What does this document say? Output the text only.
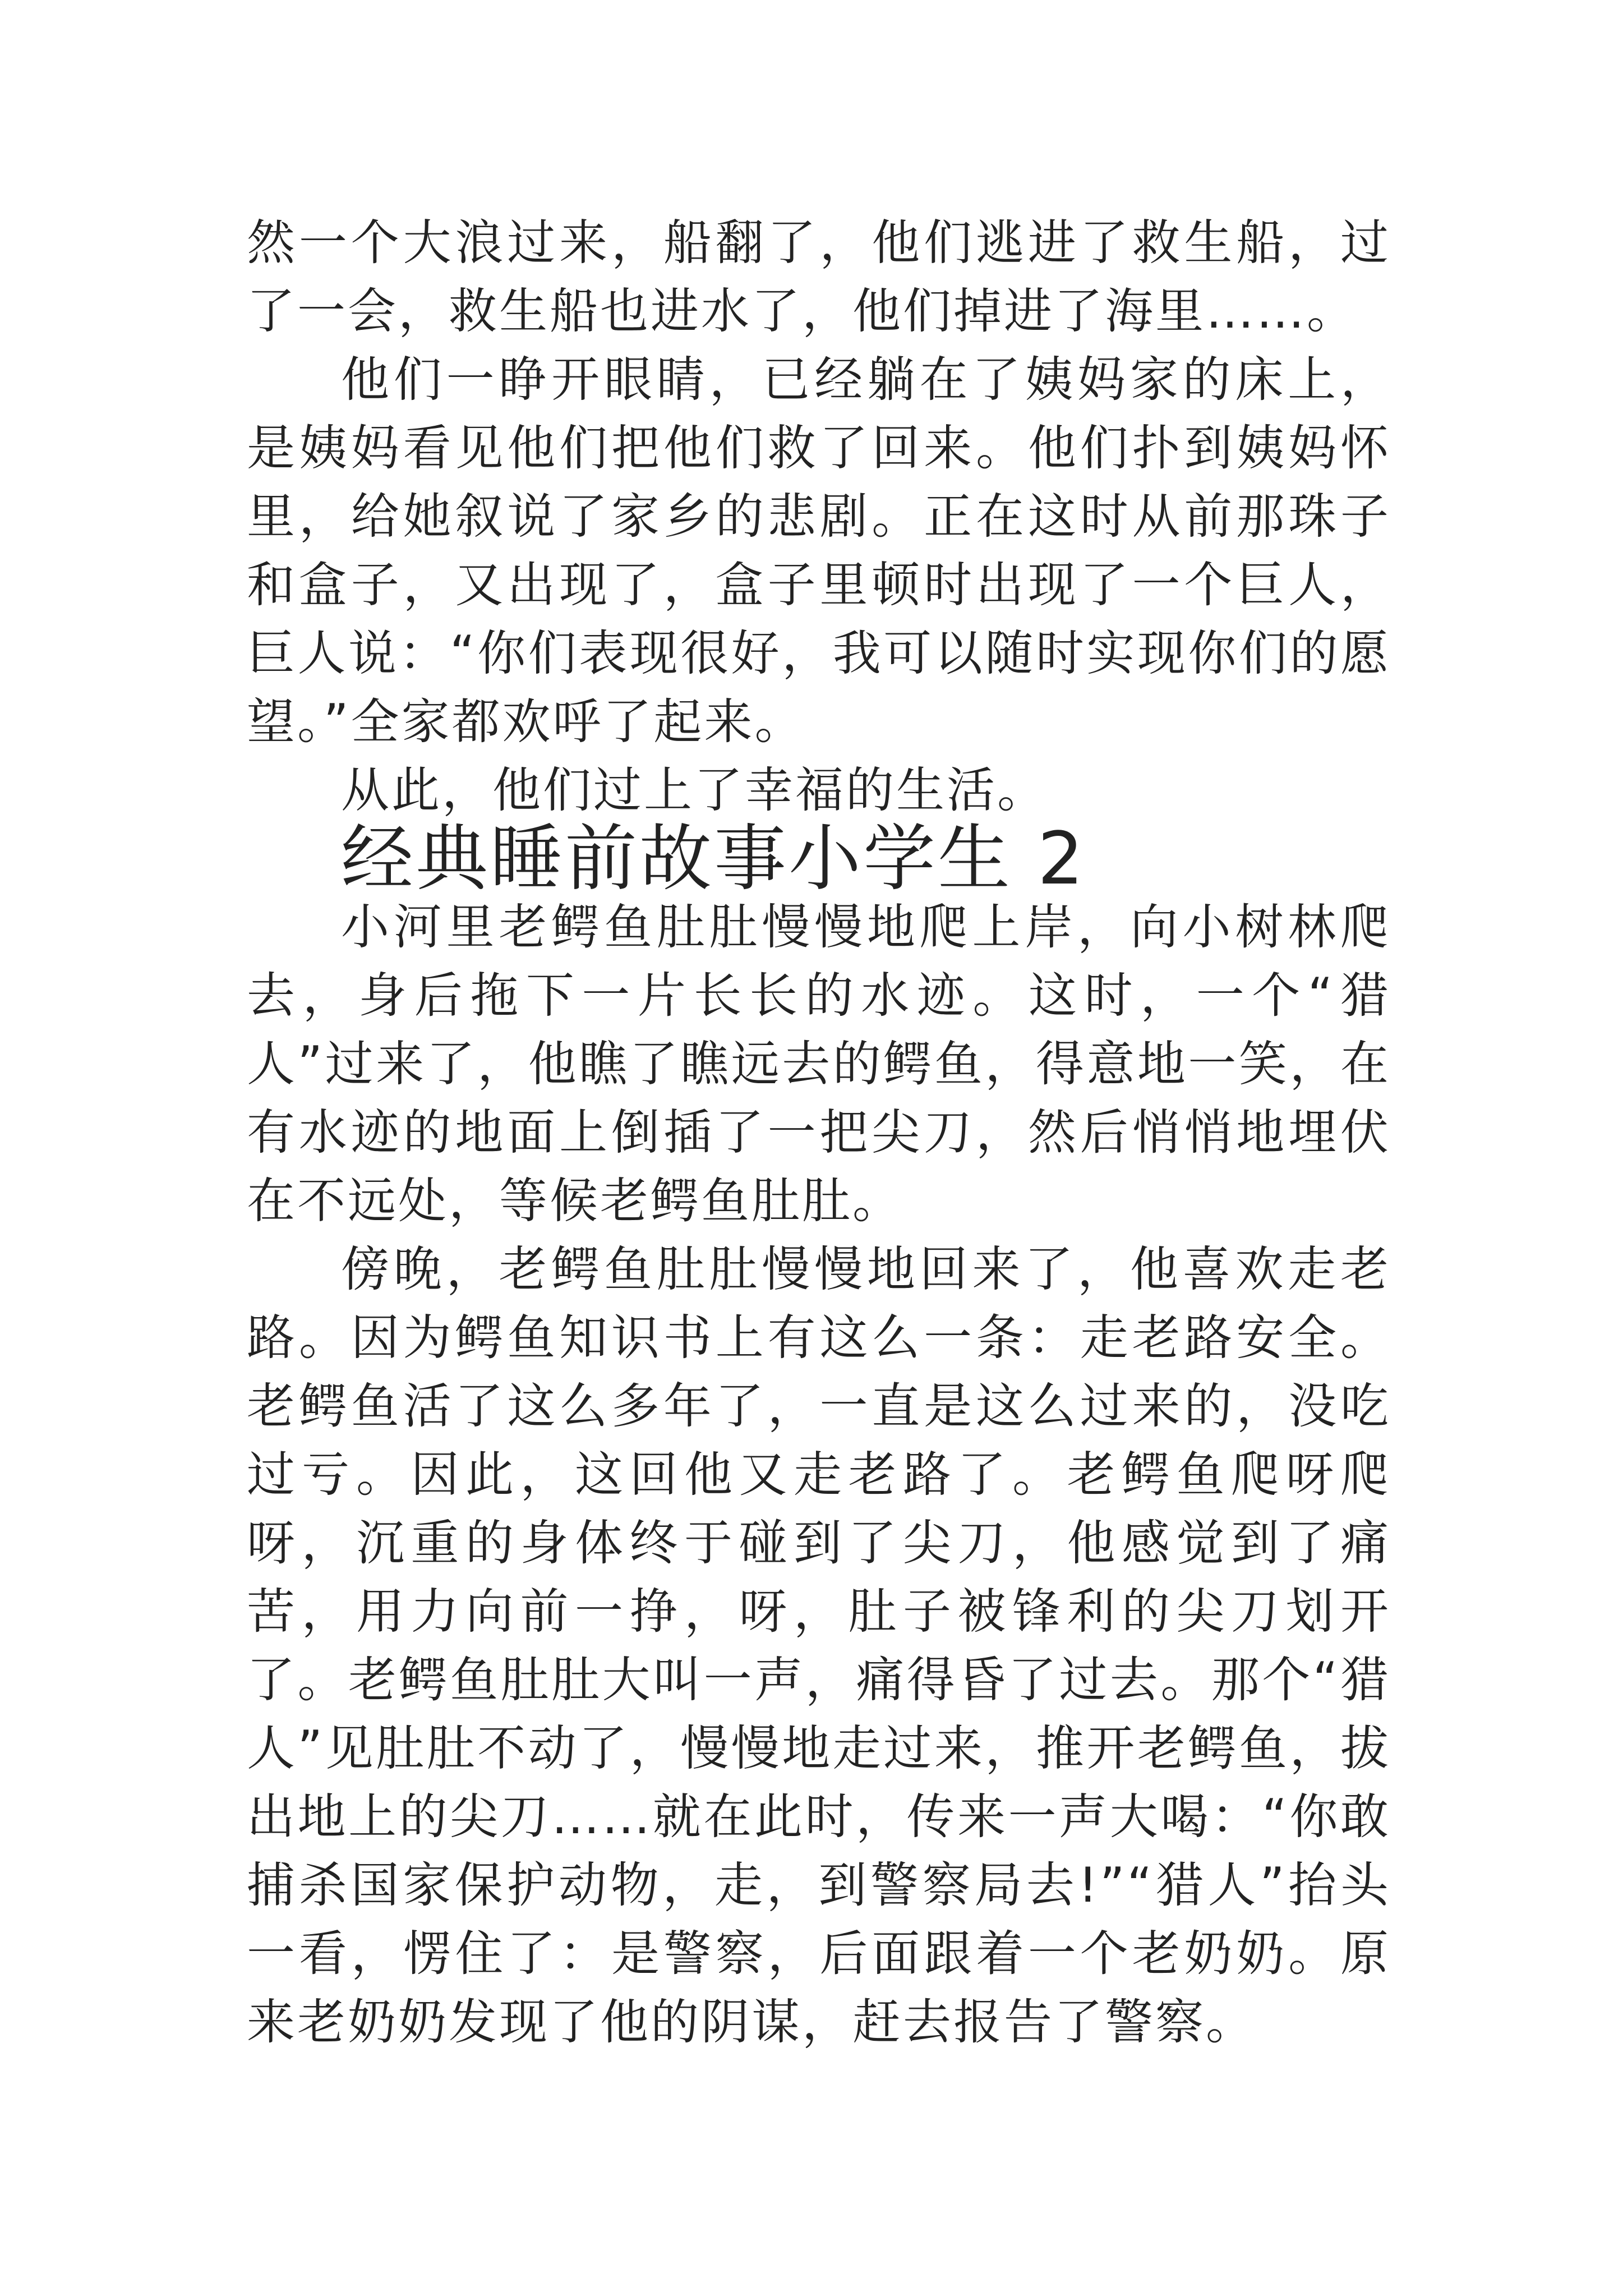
然一个大浪过来，船翻了，他们逃进了救生船，过了一会，救生船也进水了，他们掉进了海里……。

他们一睁开眼睛，已经躺在了姨妈家的床上，是姨妈看见他们把他们救了回来。他们扑到姨妈怀里，给她叙说了家乡的悲剧。正在这时从前那珠子和盒子，又出现了，盒子里顿时出现了一个巨人，巨人说：“你们表现很好，我可以随时实现你们的愿望。”全家都欢呼了起来。

从此，他们过上了幸福的生活。

经典睡前故事小学生 2

小河里老鳄鱼肚肚慢慢地爬上岸，向小树林爬去，身后拖下一片长长的水迹。这时，一个“猎人”过来了，他瞧了瞧远去的鳄鱼，得意地一笑，在有水迹的地面上倒插了一把尖刀，然后悄悄地埋伏在不远处，等候老鳄鱼肚肚。

傍晚，老鳄鱼肚肚慢慢地回来了，他喜欢走老路。因为鳄鱼知识书上有这么一条：走老路安全。老鳄鱼活了这么多年了，一直是这么过来的，没吃过亏。因此，这回他又走老路了。老鳄鱼爬呀爬呀，沉重的身体终于碰到了尖刀，他感觉到了痛苦，用力向前一挣，呀，肚子被锋利的尖刀划开了。老鳄鱼肚肚大叫一声，痛得昏了过去。那个“猎人”见肚肚不动了，慢慢地走过来，推开老鳄鱼，拔出地上的尖刀……就在此时，传来一声大喝：“你敢捕杀国家保护动物，走，到警察局去!”“猎人”抬头一看，愣住了：是警察，后面跟着一个老奶奶。原来老奶奶发现了他的阴谋，赶去报告了警察。
